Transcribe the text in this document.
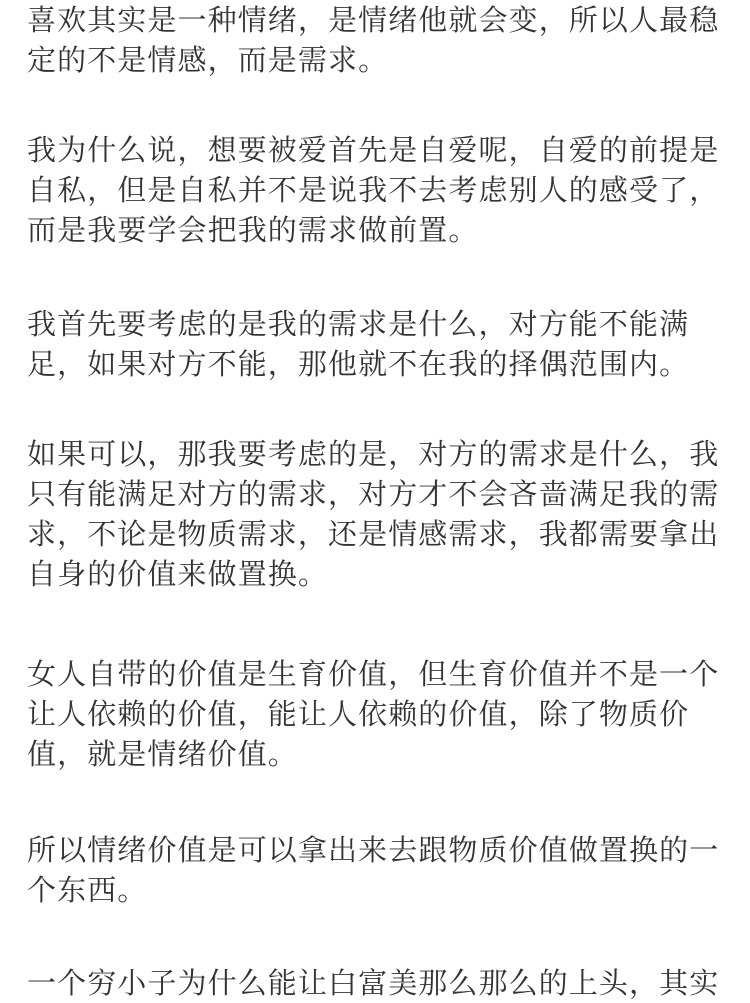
喜欢其实是一种情绪，是情绪他就会变，所以人最稳
定的不是情感，而是需求。

我为什么说，想要被爱首先是自爱呢，自爱的前提是
自私，但是自私并不是说我不去考虑别人的感受了，
而是我要学会把我的需求做前置。

我首先要考虑的是我的需求是什么，对方能不能满
足，如果对方不能，那他就不在我的择偶范围内。

如果可以，那我要考虑的是，对方的需求是什么，我
只有能满足对方的需求，对方才不会吝啬满足我的需
求，不论是物质需求，还是情感需求，我都需要拿出
自身的价值来做置换。

女人自带的价值是生育价值，但生育价值并不是一个
让人依赖的价值，能让人依赖的价值，除了物质价
值，就是情绪价值。

所以情绪价值是可以拿出来去跟物质价值做置换的一
个东西。

一个穷小子为什么能让白富美那么那么的上头，其实
